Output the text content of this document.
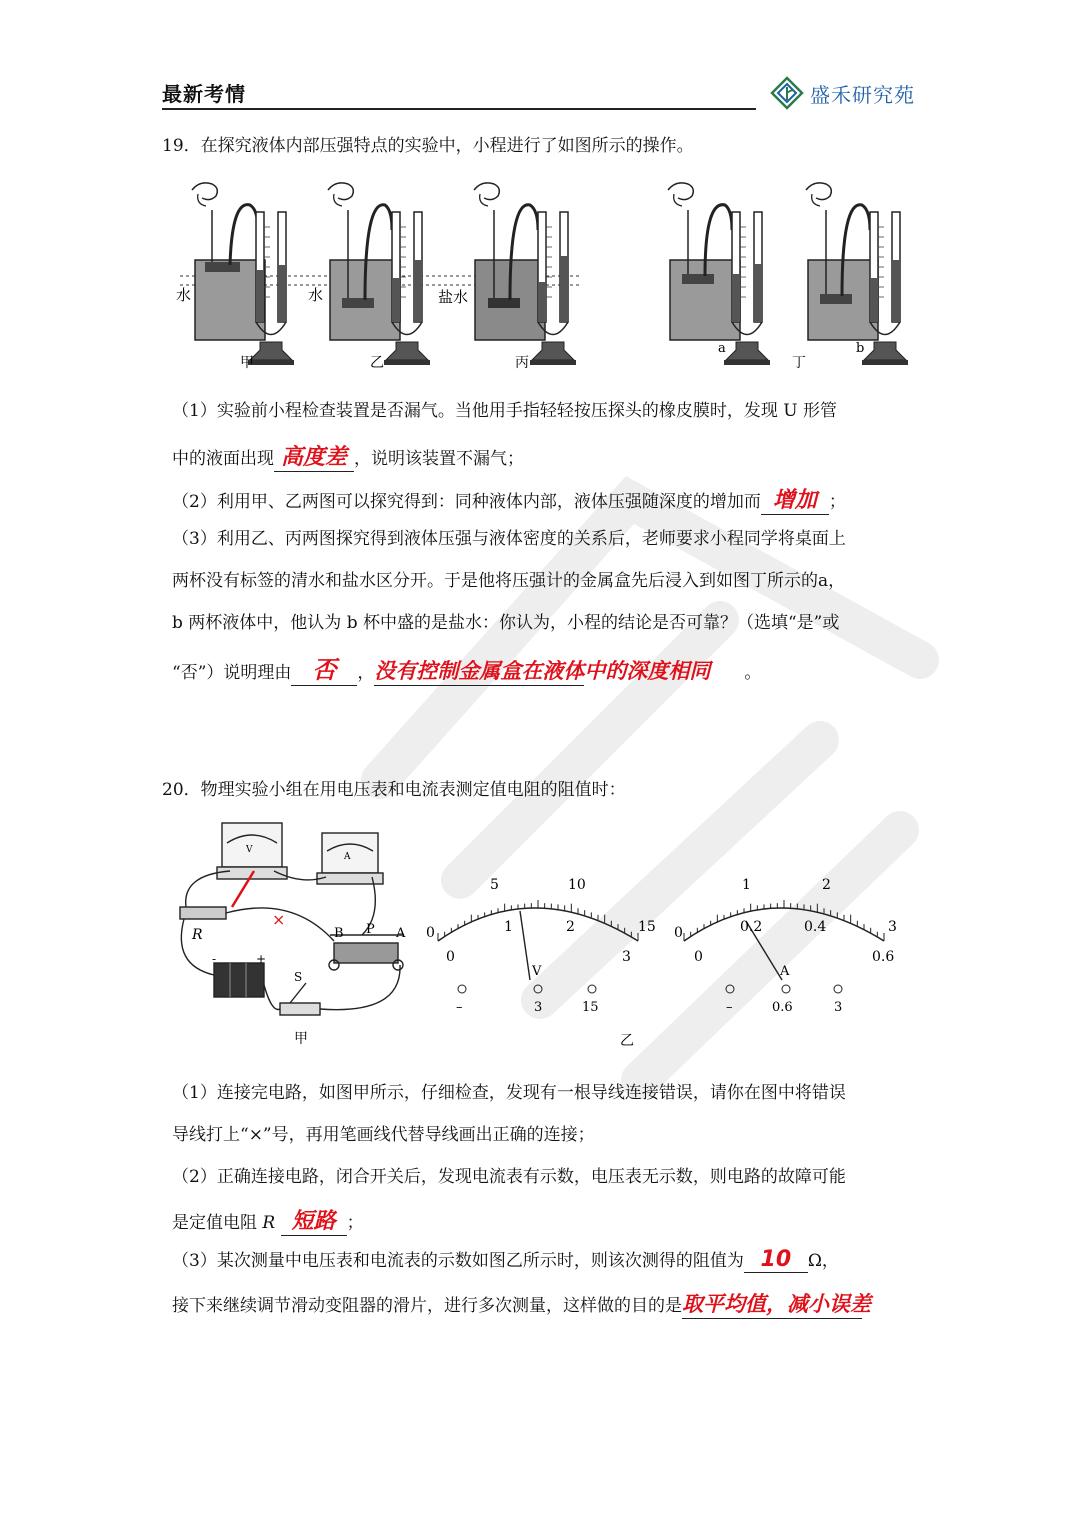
最新考情	盛禾研究苑
19．在探究液体内部压强特点的实验中，小程进行了如图所示的操作。
水
甲
水
乙
盐水
丙
a
丁
b
（1）实验前小程检查装置是否漏气。当他用手指轻轻按压探头的橡皮膜时，发现 U 形管
中的液面出现 高度差 ，说明该装置不漏气；
（2）利用甲、乙两图可以探究得到：同种液体内部，液体压强随深度的增加而 增加 ；
（3）利用乙、丙两图探究得到液体压强与液体密度的关系后，老师要求小程同学将桌面上
两杯没有标签的清水和盐水区分开。于是他将压强计的金属盒先后浸入到如图丁所示的a，
b 两杯液体中，他认为 b 杯中盛的是盐水：你认为，小程的结论是否可靠？（选填“是”或
“否”）说明理由 否 ，没有控制金属盒在液体中的深度相同 。
20．物理实验小组在用电压表和电流表测定值电阻的阻值时：
×
V
A
R	B P A
-	+
S
甲
0
5	10
15
0
1	2
3
V
–	3	15
0
1	2
3
0
0.2	0.4
0.6
A
–	0.6	3
乙
（1）连接完电路，如图甲所示，仔细检查，发现有一根导线连接错误，请你在图中将错误
导线打上“×”号，再用笔画线代替导线画出正确的连接；
（2）正确连接电路，闭合开关后，发现电流表有示数，电压表无示数，则电路的故障可能
是定值电阻 R 短路 ；
（3）某次测量中电压表和电流表的示数如图乙所示时，则该次测得的阻值为 10 Ω，
接下来继续调节滑动变阻器的滑片，进行多次测量，这样做的目的是取平均值，减小误差
